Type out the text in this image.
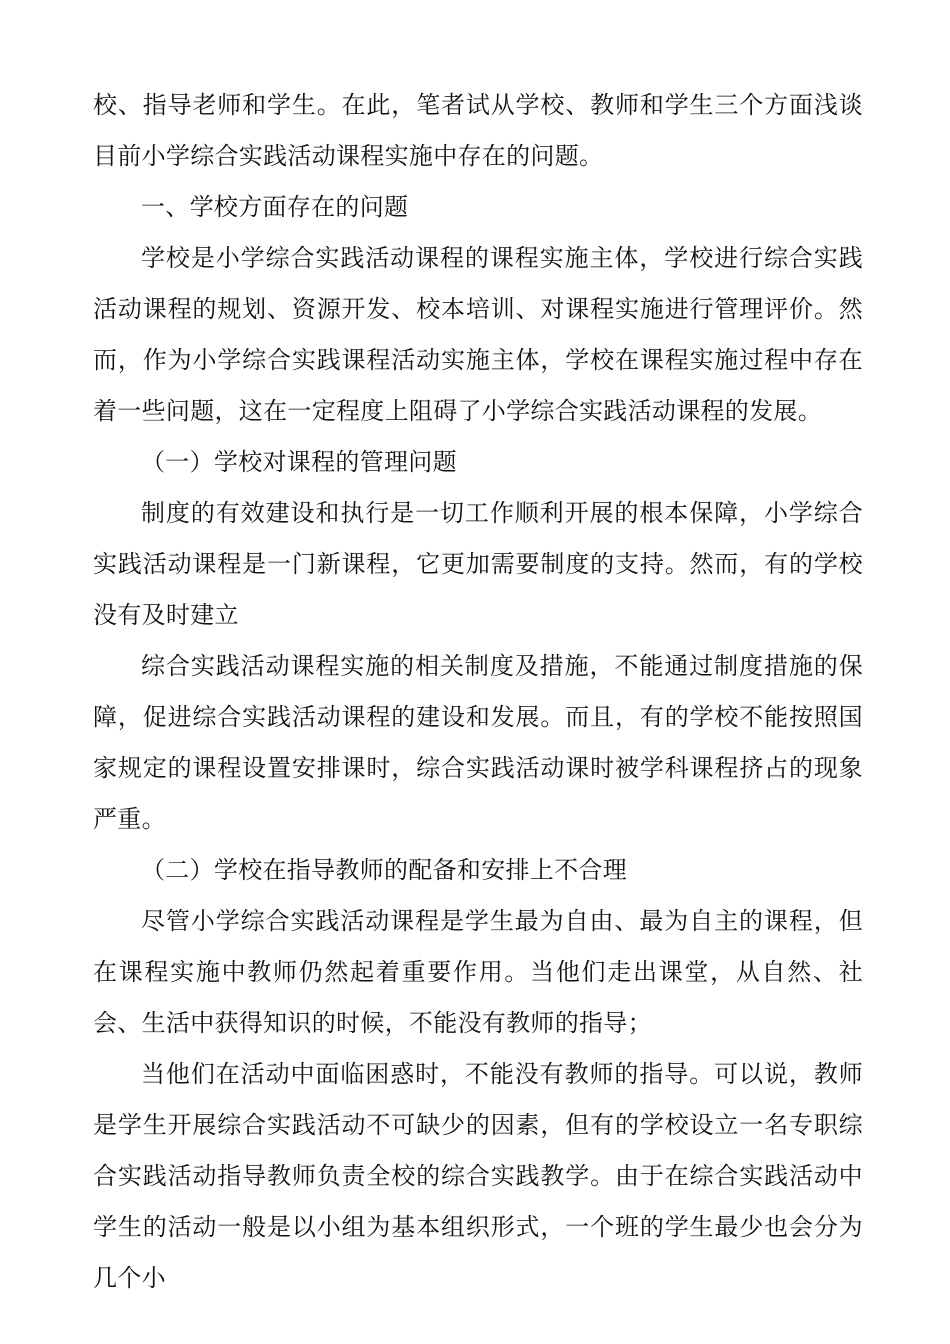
校、指导老师和学生。在此，笔者试从学校、教师和学生三个方面浅谈目前小学综合实践活动课程实施中存在的问题。

一、学校方面存在的问题

学校是小学综合实践活动课程的课程实施主体，学校进行综合实践活动课程的规划、资源开发、校本培训、对课程实施进行管理评价。然而，作为小学综合实践课程活动实施主体，学校在课程实施过程中存在着一些问题，这在一定程度上阻碍了小学综合实践活动课程的发展。

（一）学校对课程的管理问题

制度的有效建设和执行是一切工作顺利开展的根本保障，小学综合实践活动课程是一门新课程，它更加需要制度的支持。然而，有的学校没有及时建立

综合实践活动课程实施的相关制度及措施，不能通过制度措施的保障，促进综合实践活动课程的建设和发展。而且，有的学校不能按照国家规定的课程设置安排课时，综合实践活动课时被学科课程挤占的现象严重。

（二）学校在指导教师的配备和安排上不合理

尽管小学综合实践活动课程是学生最为自由、最为自主的课程，但在课程实施中教师仍然起着重要作用。当他们走出课堂，从自然、社会、生活中获得知识的时候，不能没有教师的指导；

当他们在活动中面临困惑时，不能没有教师的指导。可以说，教师是学生开展综合实践活动不可缺少的因素，但有的学校设立一名专职综合实践活动指导教师负责全校的综合实践教学。由于在综合实践活动中学生的活动一般是以小组为基本组织形式，一个班的学生最少也会分为几个小
